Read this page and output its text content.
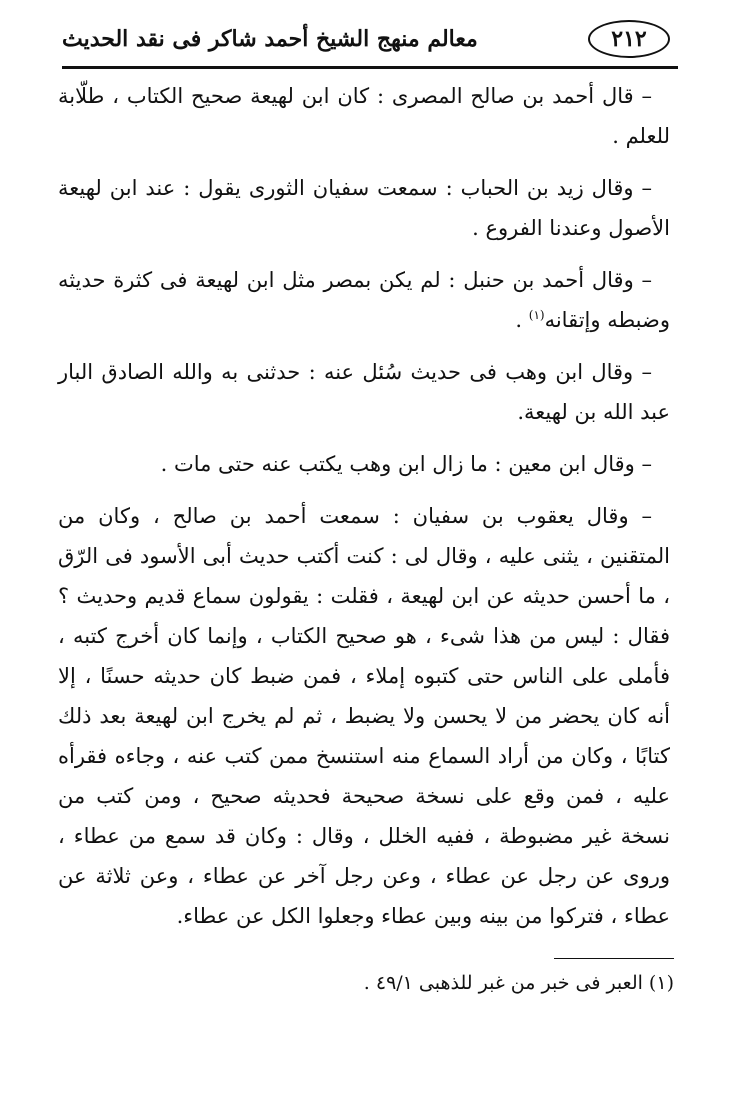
٢١٢
معالم منهج الشيخ أحمد شاكر فى نقد الحديث

– قال أحمد بن صالح المصرى : كان ابن لهيعة صحيح الكتاب ، طلّابة للعلم .

– وقال زيد بن الحباب : سمعت سفيان الثورى يقول : عند ابن لهيعة الأصول وعندنا الفروع .

– وقال أحمد بن حنبل : لم يكن بمصر مثل ابن لهيعة فى كثرة حديثه وضبطه وإتقانه$^{(١)}$ .

– وقال ابن وهب فى حديث سُئل عنه : حدثنى به والله الصادق البار عبد الله بن لهيعة.

– وقال ابن معين : ما زال ابن وهب يكتب عنه حتى مات .

– وقال يعقوب بن سفيان : سمعت أحمد بن صالح ، وكان من المتقنين ، يثنى عليه ، وقال لى : كنت أكتب حديث أبى الأسود فى الرّق ، ما أحسن حديثه عن ابن لهيعة ، فقلت : يقولون سماع قديم وحديث ؟ فقال : ليس من هذا شىء ، هو صحيح الكتاب ، وإنما كان أخرج كتبه ، فأملى على الناس حتى كتبوه إملاء ، فمن ضبط كان حديثه حسنًا ، إلا أنه كان يحضر من لا يحسن ولا يضبط ، ثم لم يخرج ابن لهيعة بعد ذلك كتابًا ، وكان من أراد السماع منه استنسخ ممن كتب عنه ، وجاءه فقرأه عليه ، فمن وقع على نسخة صحيحة فحديثه صحيح ، ومن كتب من نسخة غير مضبوطة ، ففيه الخلل ، وقال : وكان قد سمع من عطاء ، وروى عن رجل عن عطاء ، وعن رجل آخر عن عطاء ، وعن ثلاثة عن عطاء ، فتركوا من بينه وبين عطاء وجعلوا الكل عن عطاء.

(١) العبر فى خبر من غبر للذهبى ٤٩/١ .
